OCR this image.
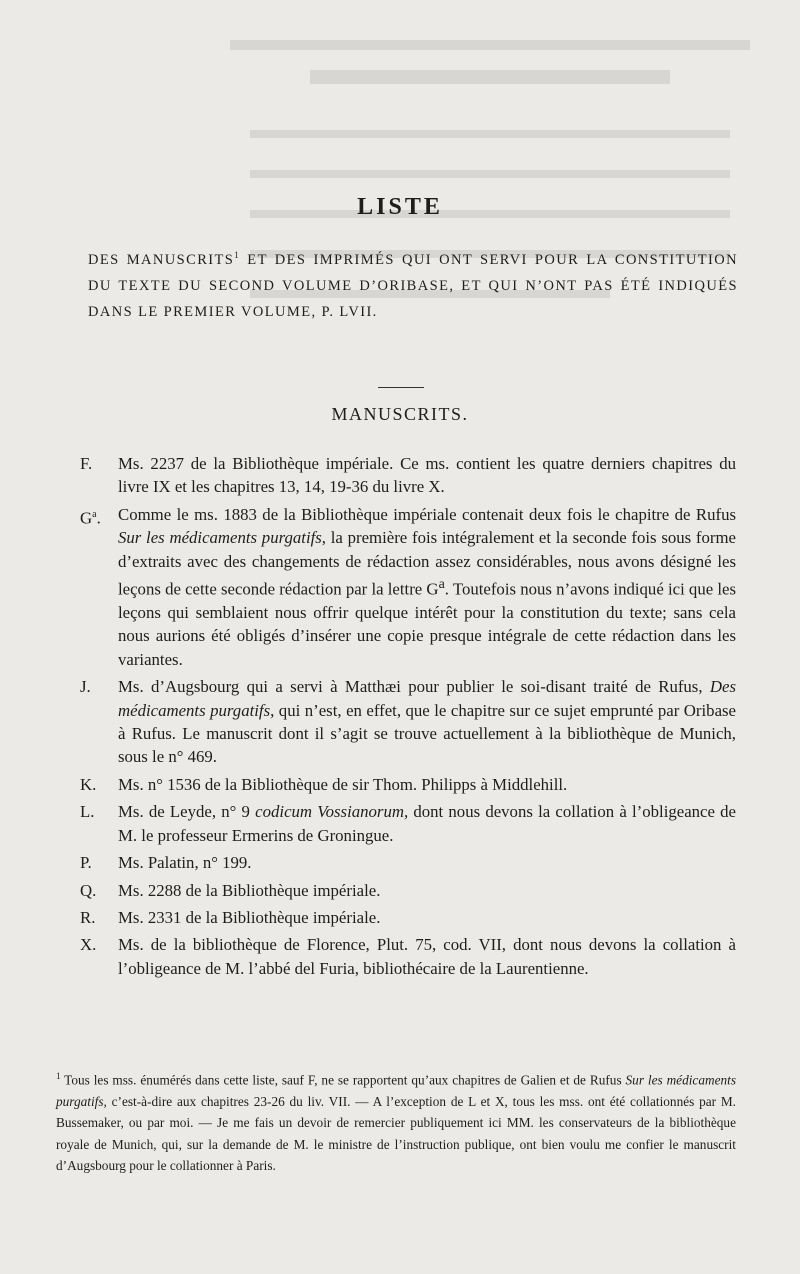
LISTE
DES MANUSCRITS$^1$ ET DES IMPRIMÉS QUI ONT SERVI POUR LA CONSTITUTION DU TEXTE DU SECOND VOLUME D’ORIBASE, ET QUI N’ONT PAS ÉTÉ INDIQUÉS DANS LE PREMIER VOLUME, P. LVII.
MANUSCRITS.
F.	Ms. 2237 de la Bibliothèque impériale. Ce ms. contient les quatre derniers chapitres du livre IX et les chapitres 13, 14, 19-36 du livre X.
$G^a$.	Comme le ms. 1883 de la Bibliothèque impériale contenait deux fois le chapitre de Rufus Sur les médicaments purgatifs, la première fois intégralement et la seconde fois sous forme d’extraits avec des changements de rédaction assez considérables, nous avons désigné les leçons de cette seconde rédaction par la lettre $G^a$. Toutefois nous n’avons indiqué ici que les leçons qui semblaient nous offrir quelque intérêt pour la constitution du texte; sans cela nous aurions été obligés d’insérer une copie presque intégrale de cette rédaction dans les variantes.
J.	Ms. d’Augsbourg qui a servi à Matthæi pour publier le soi-disant traité de Rufus, Des médicaments purgatifs, qui n’est, en effet, que le chapitre sur ce sujet emprunté par Oribase à Rufus. Le manuscrit dont il s’agit se trouve actuellement à la bibliothèque de Munich, sous le n° 469.
K.	Ms. n° 1536 de la Bibliothèque de sir Thom. Philipps à Middlehill.
L.	Ms. de Leyde, n° 9 codicum Vossianorum, dont nous devons la collation à l’obligeance de M. le professeur Ermerins de Groningue.
P.	Ms. Palatin, n° 199.
Q.	Ms. 2288 de la Bibliothèque impériale.
R.	Ms. 2331 de la Bibliothèque impériale.
X.	Ms. de la bibliothèque de Florence, Plut. 75, cod. VII, dont nous devons la collation à l’obligeance de M. l’abbé del Furia, bibliothécaire de la Laurentienne.
$^1$ Tous les mss. énumérés dans cette liste, sauf F, ne se rapportent qu’aux chapitres de Galien et de Rufus Sur les médicaments purgatifs, c’est-à-dire aux chapitres 23-26 du liv. VII. — A l’exception de L et X, tous les mss. ont été collationnés par M. Bussemaker, ou par moi. — Je me fais un devoir de remercier publiquement ici MM. les conservateurs de la bibliothèque royale de Munich, qui, sur la demande de M. le ministre de l’instruction publique, ont bien voulu me confier le manuscrit d’Augsbourg pour le collationner à Paris.
